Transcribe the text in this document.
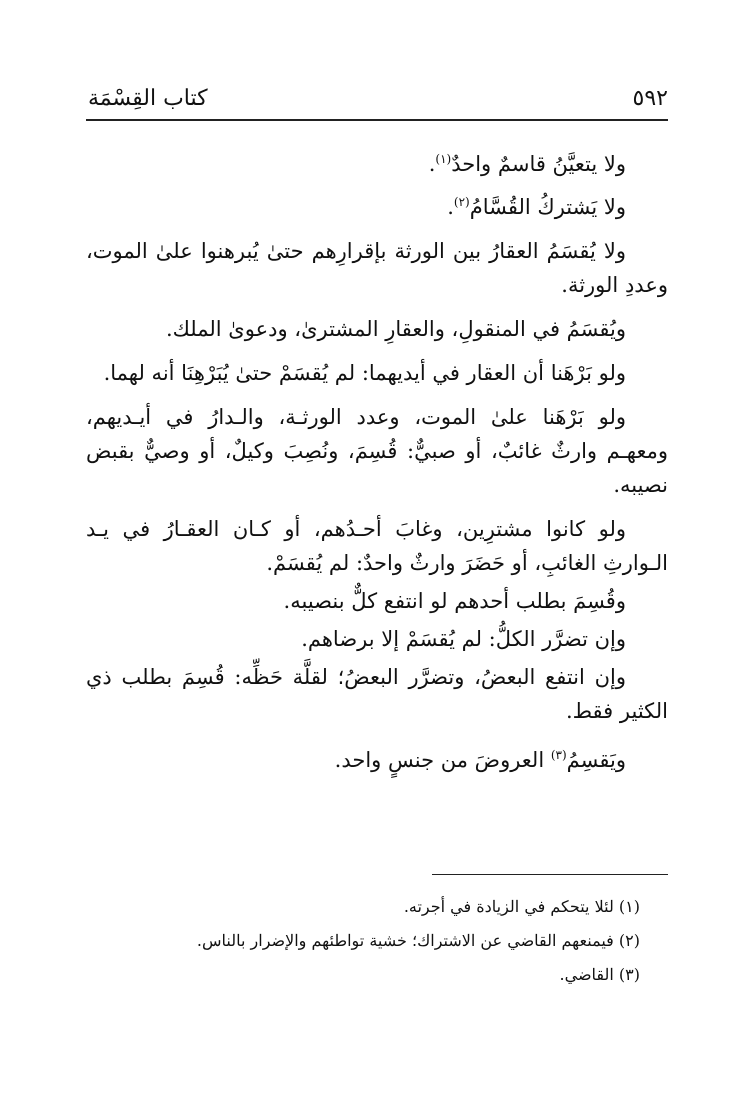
٥٩٢
كتاب القِسْمَة

ولا يتعيَّنُ قاسمٌ واحدٌ$^{(١)}$.

ولا يَشتركُ القُسَّامُ$^{(٢)}$.

ولا يُقسَمُ العقارُ بين الورثة بإقرارِهم حتىٰ يُبرهنوا علىٰ الموت، وعددِ الورثة.

ويُقسَمُ في المنقولِ، والعقارِ المشترىٰ، ودعوىٰ الملك.

ولو بَرْهَنا أن العقار في أيديهما: لم يُقسَمْ حتىٰ يُبَرْهِنَا أنه لهما.

ولو بَرْهَنا علىٰ الموت، وعدد الورثـة، والـدارُ في أيـديهم، ومعهـم وارثٌ غائبٌ، أو صبيٌّ: قُسِمَ، ونُصِبَ وكيلٌ، أو وصيٌّ بقبض نصيبه.

ولو كانوا مشترِين، وغابَ أحـدُهم، أو كـان العقـارُ في يـد الـوارثِ الغائبِ، أو حَضَرَ وارثٌ واحدٌ: لم يُقسَمْ.

وقُسِمَ بطلب أحدهم لو انتفع كلٌّ بنصيبه.

وإن تضرَّر الكلُّ: لم يُقسَمْ إلا برضاهم.

وإن انتفع البعضُ، وتضرَّر البعضُ؛ لقلَّة حَظِّه: قُسِمَ بطلب ذي الكثير فقط.

ويَقسِمُ$^{(٣)}$ العروضَ من جنسٍ واحد.

(١) لئلا يتحكم في الزيادة في أجرته.

(٢) فيمنعهم القاضي عن الاشتراك؛ خشية تواطئهم والإضرار بالناس.

(٣) القاضي.
